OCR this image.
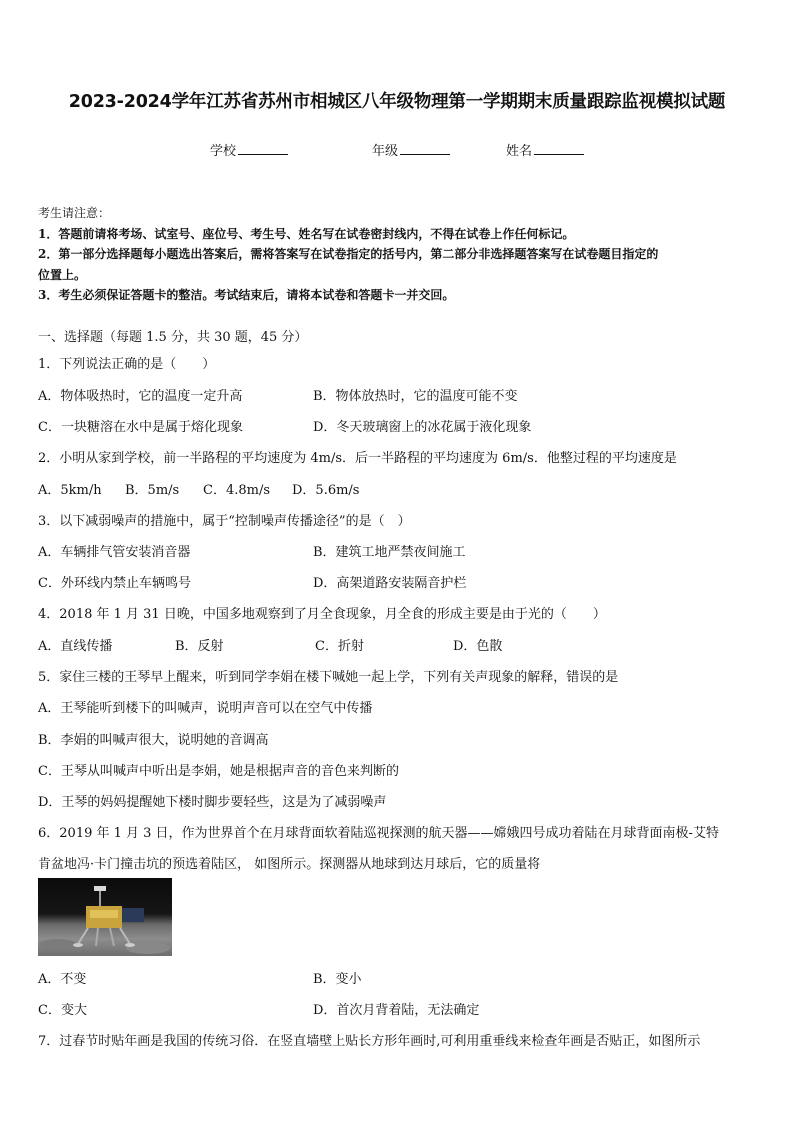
2023-2024学年江苏省苏州市相城区八年级物理第一学期期末质量跟踪监视模拟试题
学校	年级	姓名
考生请注意：
1．答题前请将考场、试室号、座位号、考生号、姓名写在试卷密封线内，不得在试卷上作任何标记。
2．第一部分选择题每小题选出答案后，需将答案写在试卷指定的括号内，第二部分非选择题答案写在试卷题目指定的
位置上。
3．考生必须保证答题卡的整洁。考试结束后，请将本试卷和答题卡一并交回。
一、选择题（每题 1.5 分，共 30 题，45 分）
1．下列说法正确的是（　　）
A．物体吸热时，它的温度一定升高	B．物体放热时，它的温度可能不变
C．一块糖溶在水中是属于熔化现象	D．冬天玻璃窗上的冰花属于液化现象
2．小明从家到学校，前一半路程的平均速度为 4m/s．后一半路程的平均速度为 6m/s．他整过程的平均速度是
A．5km/h B．5m/s C．4.8m/s D．5.6m/s
3．以下减弱噪声的措施中，属于“控制噪声传播途径”的是（　）
A．车辆排气管安装消音器	B．建筑工地严禁夜间施工
C．外环线内禁止车辆鸣号	D．高架道路安装隔音护栏
4．2018 年 1 月 31 日晚，中国多地观察到了月全食现象，月全食的形成主要是由于光的（　　）
A．直线传播	B．反射	C．折射	D．色散
5．家住三楼的王琴早上醒来，听到同学李娟在楼下喊她一起上学，下列有关声现象的解释，错误的是
A．王琴能听到楼下的叫喊声，说明声音可以在空气中传播
B．李娟的叫喊声很大，说明她的音调高
C．王琴从叫喊声中听出是李娟，她是根据声音的音色来判断的
D．王琴的妈妈提醒她下楼时脚步要轻些，这是为了减弱噪声
6．2019 年 1 月 3 日，作为世界首个在月球背面软着陆巡视探测的航天器——嫦娥四号成功着陆在月球背面南极-艾特
肯盆地冯·卡门撞击坑的预选着陆区， 如图所示。探测器从地球到达月球后，它的质量将
A．不变	B．变小
C．变大	D．首次月背着陆，无法确定
7．过春节时贴年画是我国的传统习俗．在竖直墙壁上贴长方形年画时,可利用重垂线来检查年画是否贴正，如图所示
